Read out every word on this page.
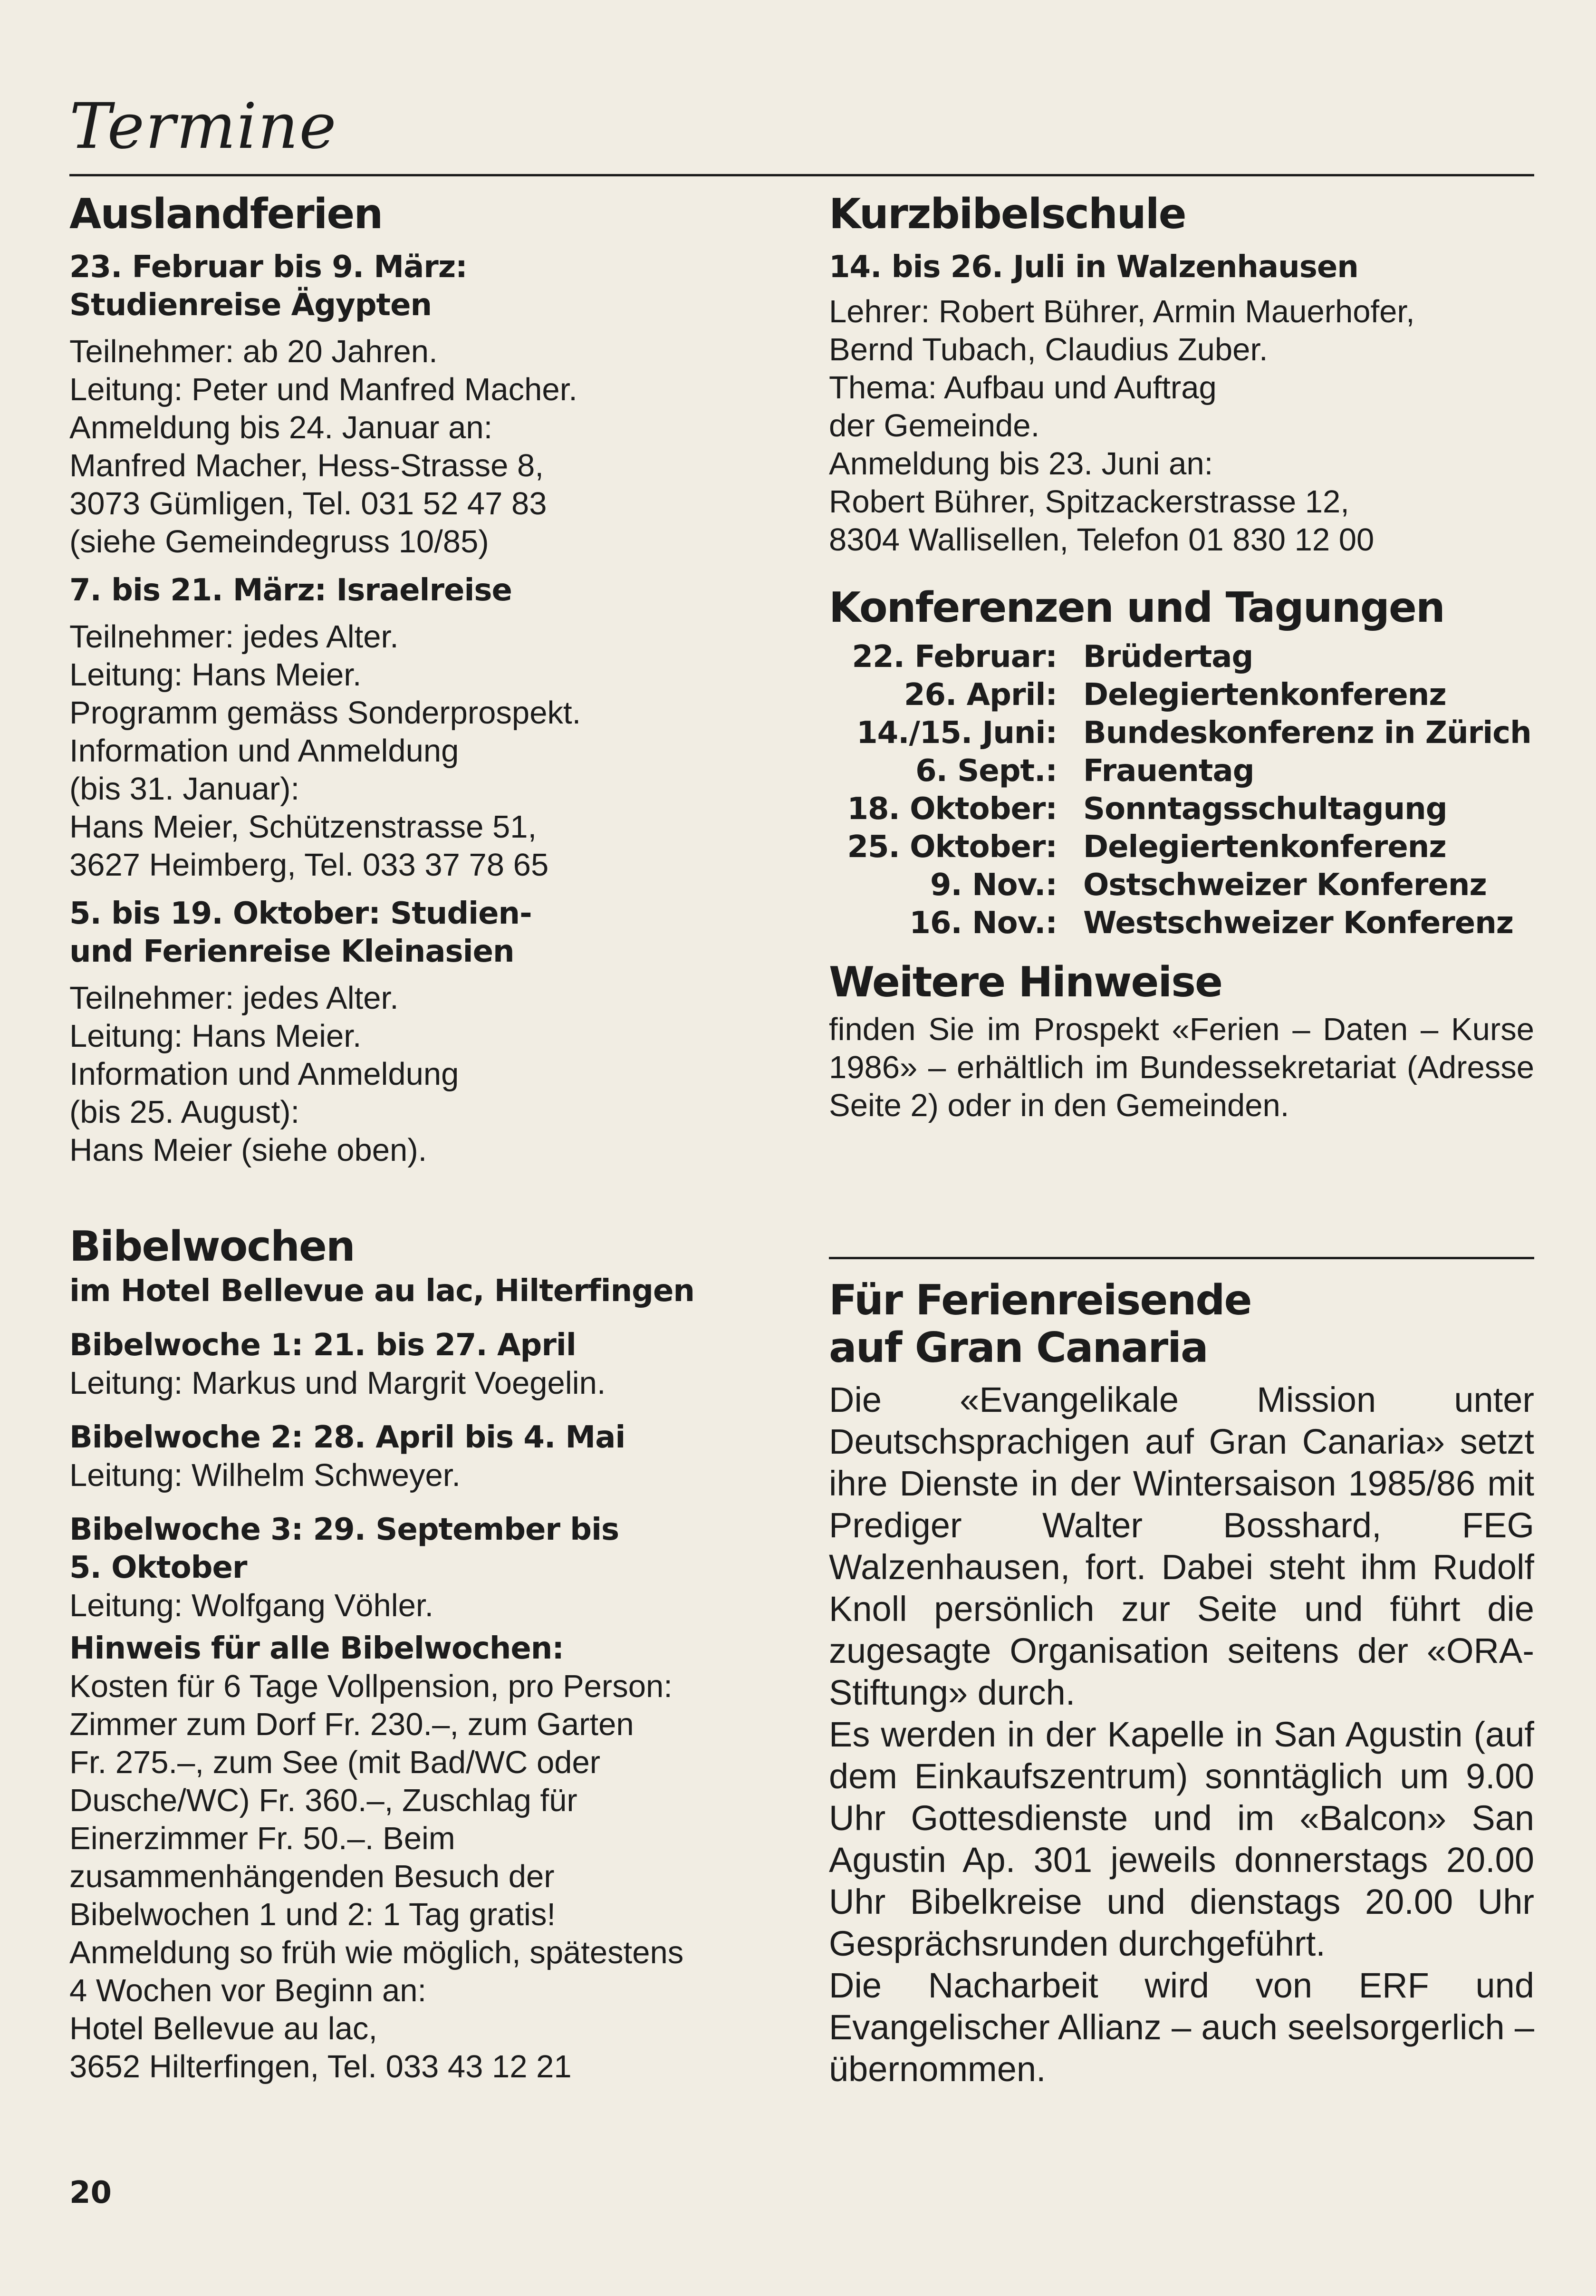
Termine
Auslandferien
23. Februar bis 9. März:
Studienreise Ägypten
Teilnehmer: ab 20 Jahren.
Leitung: Peter und Manfred Macher.
Anmeldung bis 24. Januar an:
Manfred Macher, Hess-Strasse 8,
3073 Gümligen, Tel. 031 52 47 83
(siehe Gemeindegruss 10/85)
7. bis 21. März: Israelreise
Teilnehmer: jedes Alter.
Leitung: Hans Meier.
Programm gemäss Sonderprospekt.
Information und Anmeldung
(bis 31. Januar):
Hans Meier, Schützenstrasse 51,
3627 Heimberg, Tel. 033 37 78 65
5. bis 19. Oktober: Studien-
und Ferienreise Kleinasien
Teilnehmer: jedes Alter.
Leitung: Hans Meier.
Information und Anmeldung
(bis 25. August):
Hans Meier (siehe oben).
Bibelwochen
im Hotel Bellevue au lac, Hilterfingen
Bibelwoche 1: 21. bis 27. April
Leitung: Markus und Margrit Voegelin.
Bibelwoche 2: 28. April bis 4. Mai
Leitung: Wilhelm Schweyer.
Bibelwoche 3: 29. September bis
5. Oktober
Leitung: Wolfgang Vöhler.
Hinweis für alle Bibelwochen:
Kosten für 6 Tage Vollpension, pro Person:
Zimmer zum Dorf Fr. 230.–, zum Garten
Fr. 275.–, zum See (mit Bad/WC oder
Dusche/WC) Fr. 360.–, Zuschlag für
Einerzimmer Fr. 50.–. Beim
zusammenhängenden Besuch der
Bibelwochen 1 und 2: 1 Tag gratis!
Anmeldung so früh wie möglich, spätestens
4 Wochen vor Beginn an:
Hotel Bellevue au lac,
3652 Hilterfingen, Tel. 033 43 12 21
Kurzbibelschule
14. bis 26. Juli in Walzenhausen
Lehrer: Robert Bührer, Armin Mauerhofer,
Bernd Tubach, Claudius Zuber.
Thema: Aufbau und Auftrag
der Gemeinde.
Anmeldung bis 23. Juni an:
Robert Bührer, Spitzackerstrasse 12,
8304 Wallisellen, Telefon 01 830 12 00
Konferenzen und Tagungen
22. Februar: Brüdertag
26. April: Delegiertenkonferenz
14./15. Juni: Bundeskonferenz in Zürich
6. Sept.: Frauentag
18. Oktober: Sonntagsschultagung
25. Oktober: Delegiertenkonferenz
9. Nov.: Ostschweizer Konferenz
16. Nov.: Westschweizer Konferenz
Weitere Hinweise
finden Sie im Prospekt «Ferien – Daten – Kurse 1986» – erhältlich im Bundessekretariat (Adresse Seite 2) oder in den Gemeinden.
Für Ferienreisende
auf Gran Canaria

Die «Evangelikale Mission unter Deutschsprachigen auf Gran Canaria» setzt ihre Dienste in der Wintersaison 1985/86 mit Prediger Walter Bosshard, FEG Walzenhausen, fort. Dabei steht ihm Rudolf Knoll persönlich zur Seite und führt die zugesagte Organisation seitens der «ORA-Stiftung» durch.

Es werden in der Kapelle in San Agustin (auf dem Einkaufszentrum) sonntäglich um 9.00 Uhr Gottesdienste und im «Balcon» San Agustin Ap. 301 jeweils donnerstags 20.00 Uhr Bibelkreise und dienstags 20.00 Uhr Gesprächsrunden durchgeführt.

Die Nacharbeit wird von ERF und Evangelischer Allianz – auch seelsorgerlich – übernommen.

20
